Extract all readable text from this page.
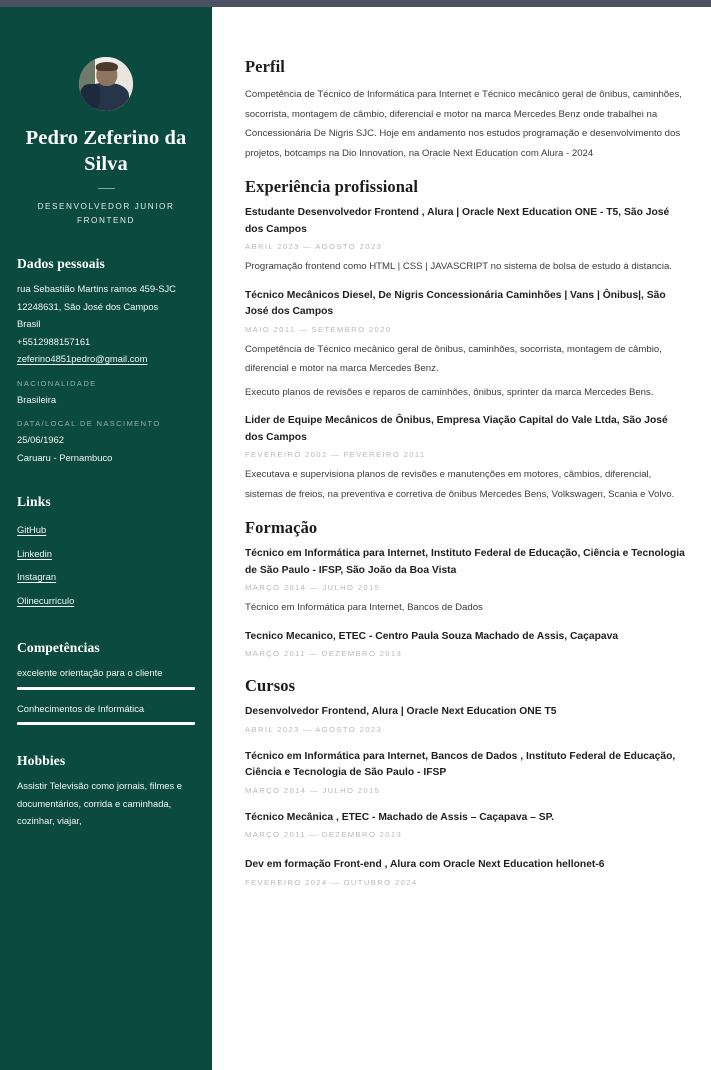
Pedro Zeferino da Silva
DESENVOLVEDOR JUNIOR FRONTEND
Dados pessoais
rua Sebastião Martins ramos 459-SJC
12248631, São José dos Campos
Brasil
+5512988157161
zeferino4851pedro@gmail.com
NACIONALIDADE
Brasileira
DATA/LOCAL DE NASCIMENTO
25/06/1962
Caruaru - Pernambuco
Links
GitHub
Linkedin
Instagran
Olinecurriculo
Competências
excelente orientação para o cliente
Conhecimentos de Informática
Hobbies
Assistir Televisão como jornais, filmes e documentários, corrida e caminhada, cozinhar, viajar,
Perfil

Competência de Técnico de Informática para Internet e Técnico mecânico geral de ônibus, caminhões, socorrista, montagem de câmbio, diferencial e motor na marca Mercedes Benz onde trabalhei na Concessionária De Nigris SJC. Hoje em andamento nos estudos programação e desenvolvimento dos projetos, botcamps na Dio Innovation, na Oracle Next Education com Alura - 2024

Experiência profissional
Estudante Desenvolvedor Frontend , Alura | Oracle Next Education ONE - T5, São José dos Campos
ABRIL 2023 — AGOSTO 2023
Programação frontend como HTML | CSS | JAVASCRIPT no sistema de bolsa de estudo à distancia.
Técnico Mecânicos Diesel, De Nigris Concessionária Caminhões | Vans | Ônibus|, São José dos Campos
MAIO 2011 — SETEMBRO 2020
Competência de Técnico mecânico geral de ônibus, caminhões, socorrista, montagem de câmbio, diferencial e motor na marca Mercedes Benz.
Executo planos de revisões e reparos de caminhões, ônibus, sprinter da marca Mercedes Bens.
Lider de Equipe Mecânicos de Ônibus, Empresa Viação Capital do Vale Ltda, São José dos Campos
FEVEREIRO 2002 — FEVEREIRO 2011
Executava e supervisiona planos de revisões e manutenções em motores, câmbios, diferencial, sistemas de freios, na preventiva e corretiva de ônibus Mercedes Bens, Volkswagen, Scania e Volvo.
Formação
Técnico em Informática para Internet, Instituto Federal de Educação, Ciência e Tecnologia de São Paulo - IFSP, São João da Boa Vista
MARÇO 2014 — JULHO 2015
Técnico em Informática para Internet, Bancos de Dados
Tecnico Mecanico, ETEC - Centro Paula Souza Machado de Assis, Caçapava
MARÇO 2011 — DEZEMBRO 2013
Cursos
Desenvolvedor Frontend, Alura | Oracle Next Education ONE T5
ABRIL 2023 — AGOSTO 2023
Técnico em Informática para Internet, Bancos de Dados , Instituto Federal de Educação, Ciência e Tecnologia de São Paulo - IFSP
MARÇO 2014 — JULHO 2015
Técnico Mecânica , ETEC - Machado de Assis – Caçapava – SP.
MARÇO 2011 — DEZEMBRO 2013
Dev em formação Front-end , Alura com Oracle Next Education hellonet-6
FEVEREIRO 2024 — OUTUBRO 2024
